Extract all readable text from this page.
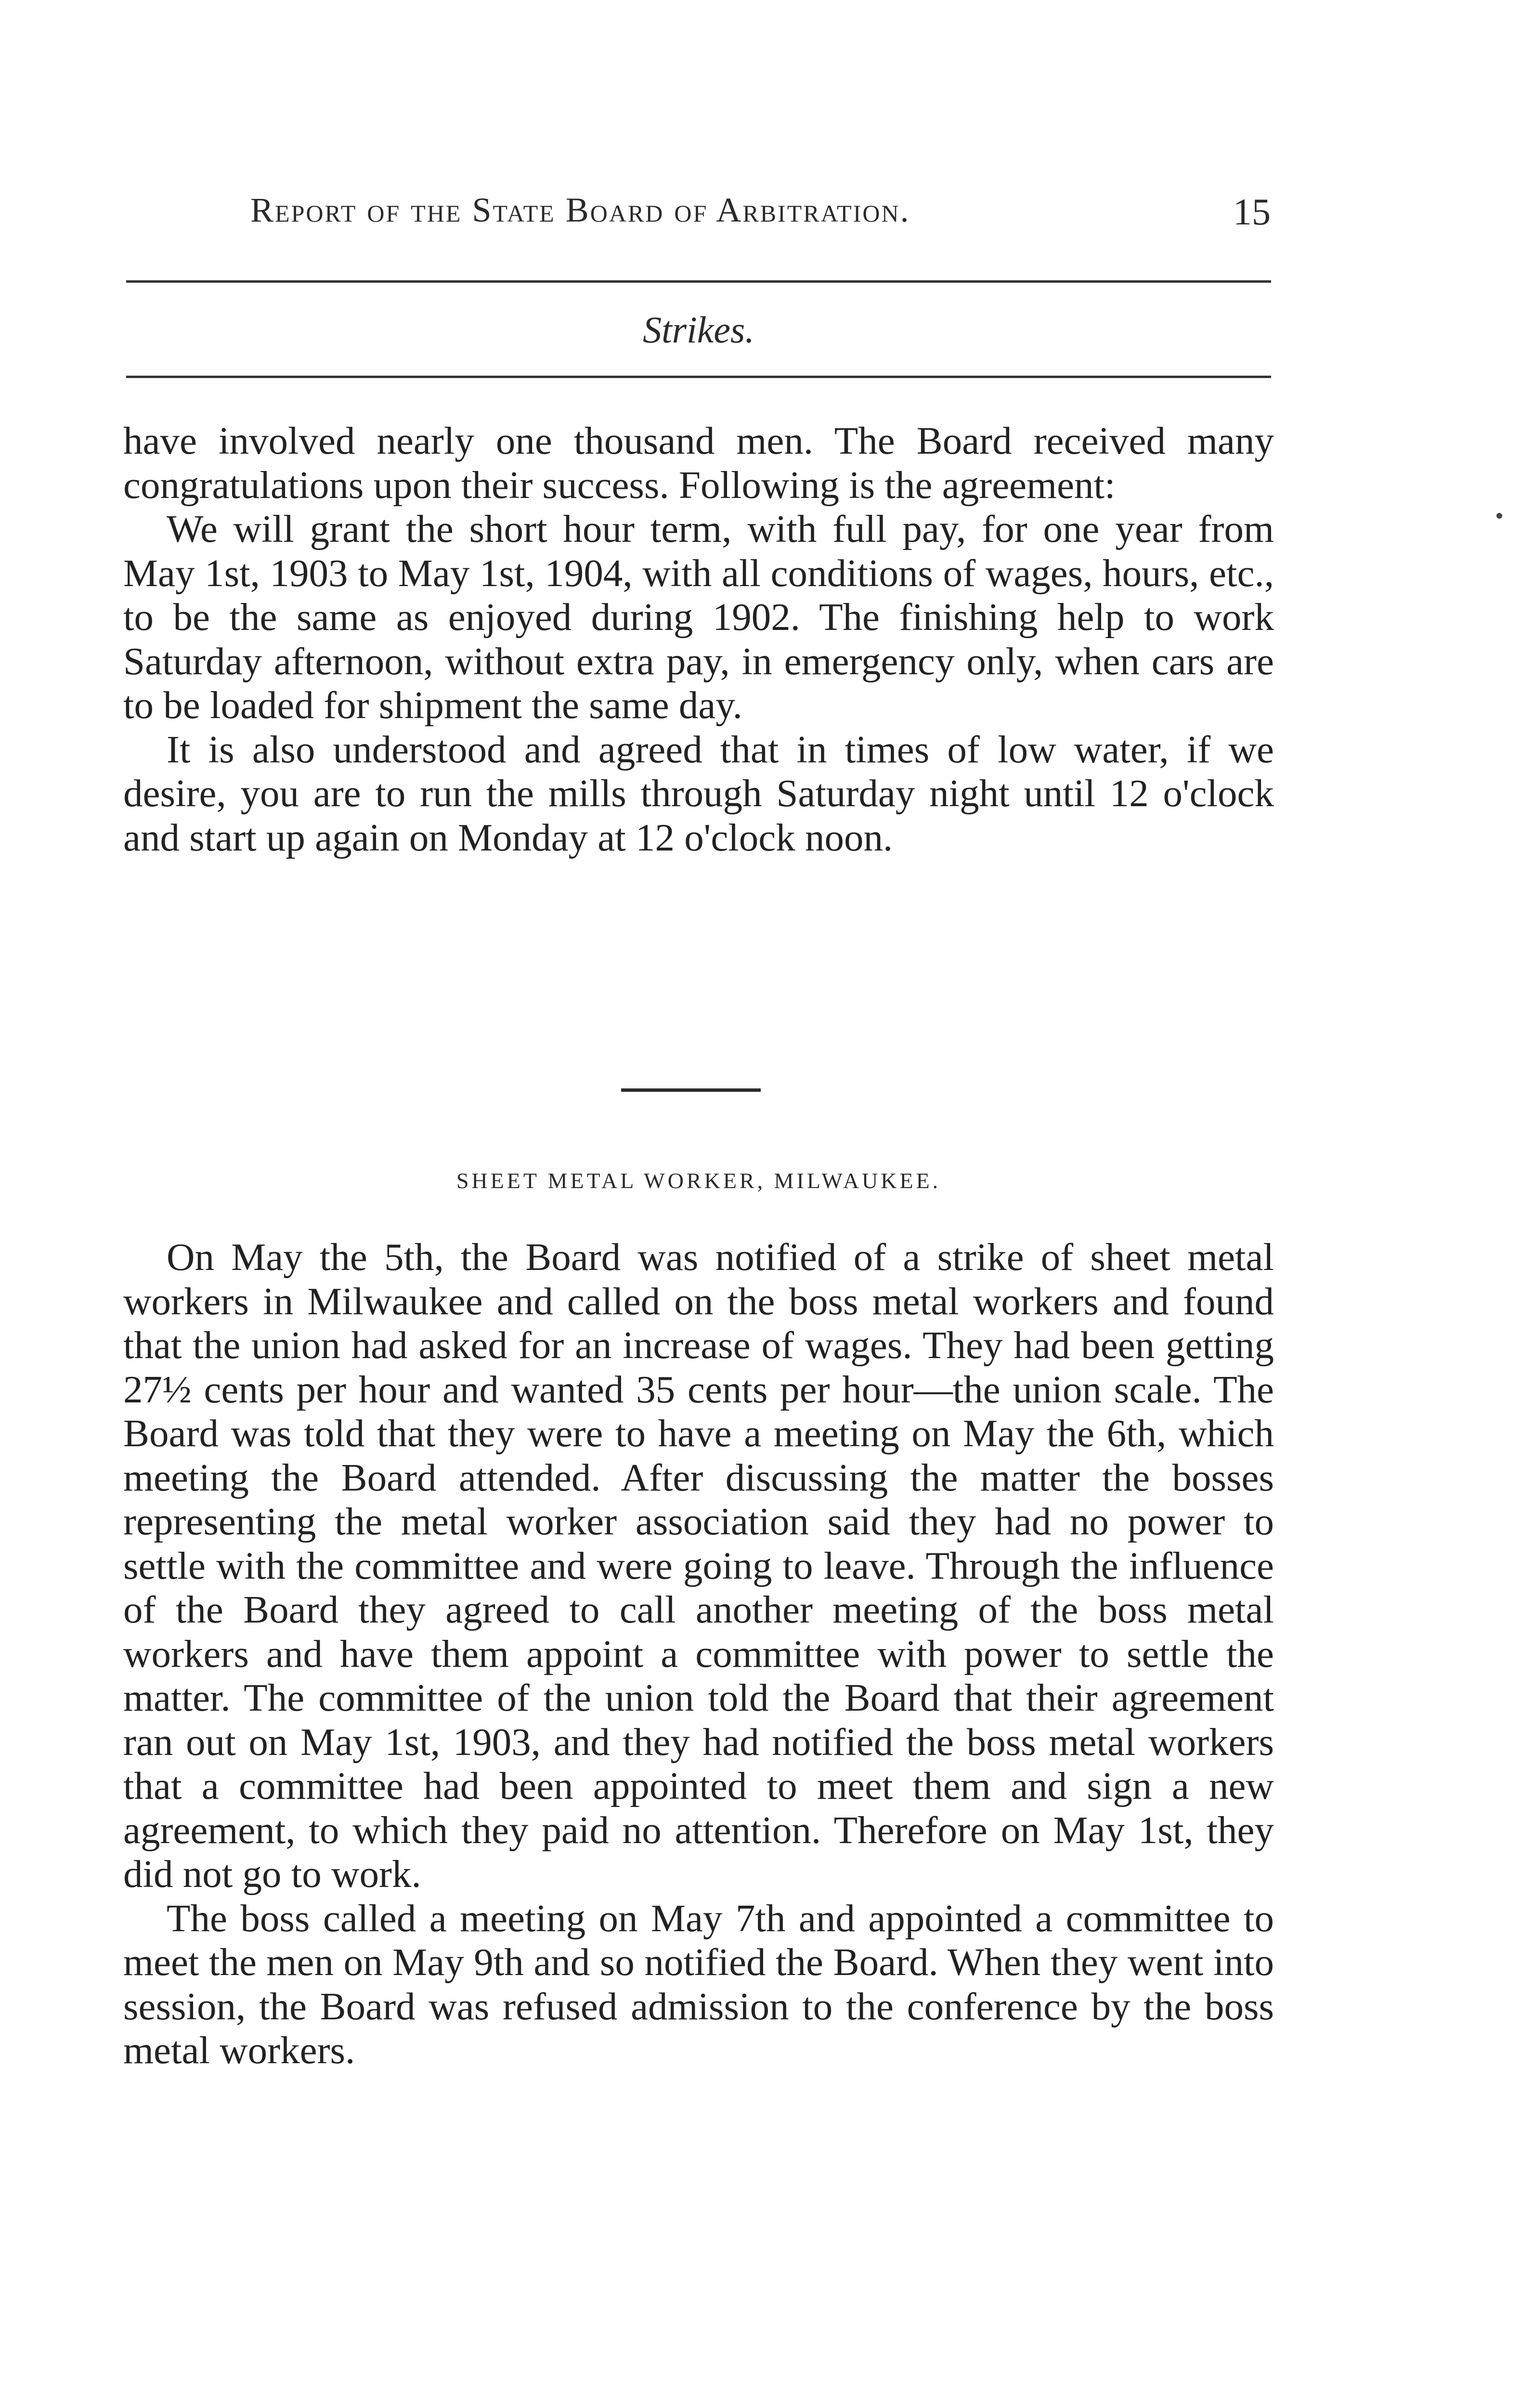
Report of the State Board of Arbitration.	15
Strikes.

have involved nearly one thousand men. The Board received many congratulations upon their success. Following is the agreement:

We will grant the short hour term, with full pay, for one year from May 1st, 1903 to May 1st, 1904, with all conditions of wages, hours, etc., to be the same as enjoyed during 1902. The finishing help to work Saturday afternoon, without extra pay, in emergency only, when cars are to be loaded for shipment the same day.

It is also understood and agreed that in times of low water, if we desire, you are to run the mills through Saturday night until 12 o'clock and start up again on Monday at 12 o'clock noon.

SHEET METAL WORKER, MILWAUKEE.

On May the 5th, the Board was notified of a strike of sheet metal workers in Milwaukee and called on the boss metal workers and found that the union had asked for an increase of wages. They had been getting 27½ cents per hour and wanted 35 cents per hour—the union scale. The Board was told that they were to have a meeting on May the 6th, which meeting the Board attended. After discussing the matter the bosses representing the metal worker association said they had no power to settle with the committee and were going to leave. Through the influence of the Board they agreed to call another meeting of the boss metal workers and have them appoint a committee with power to settle the matter. The committee of the union told the Board that their agreement ran out on May 1st, 1903, and they had notified the boss metal workers that a committee had been appointed to meet them and sign a new agreement, to which they paid no attention. Therefore on May 1st, they did not go to work.

The boss called a meeting on May 7th and appointed a committee to meet the men on May 9th and so notified the Board. When they went into session, the Board was refused admission to the conference by the boss metal workers.
